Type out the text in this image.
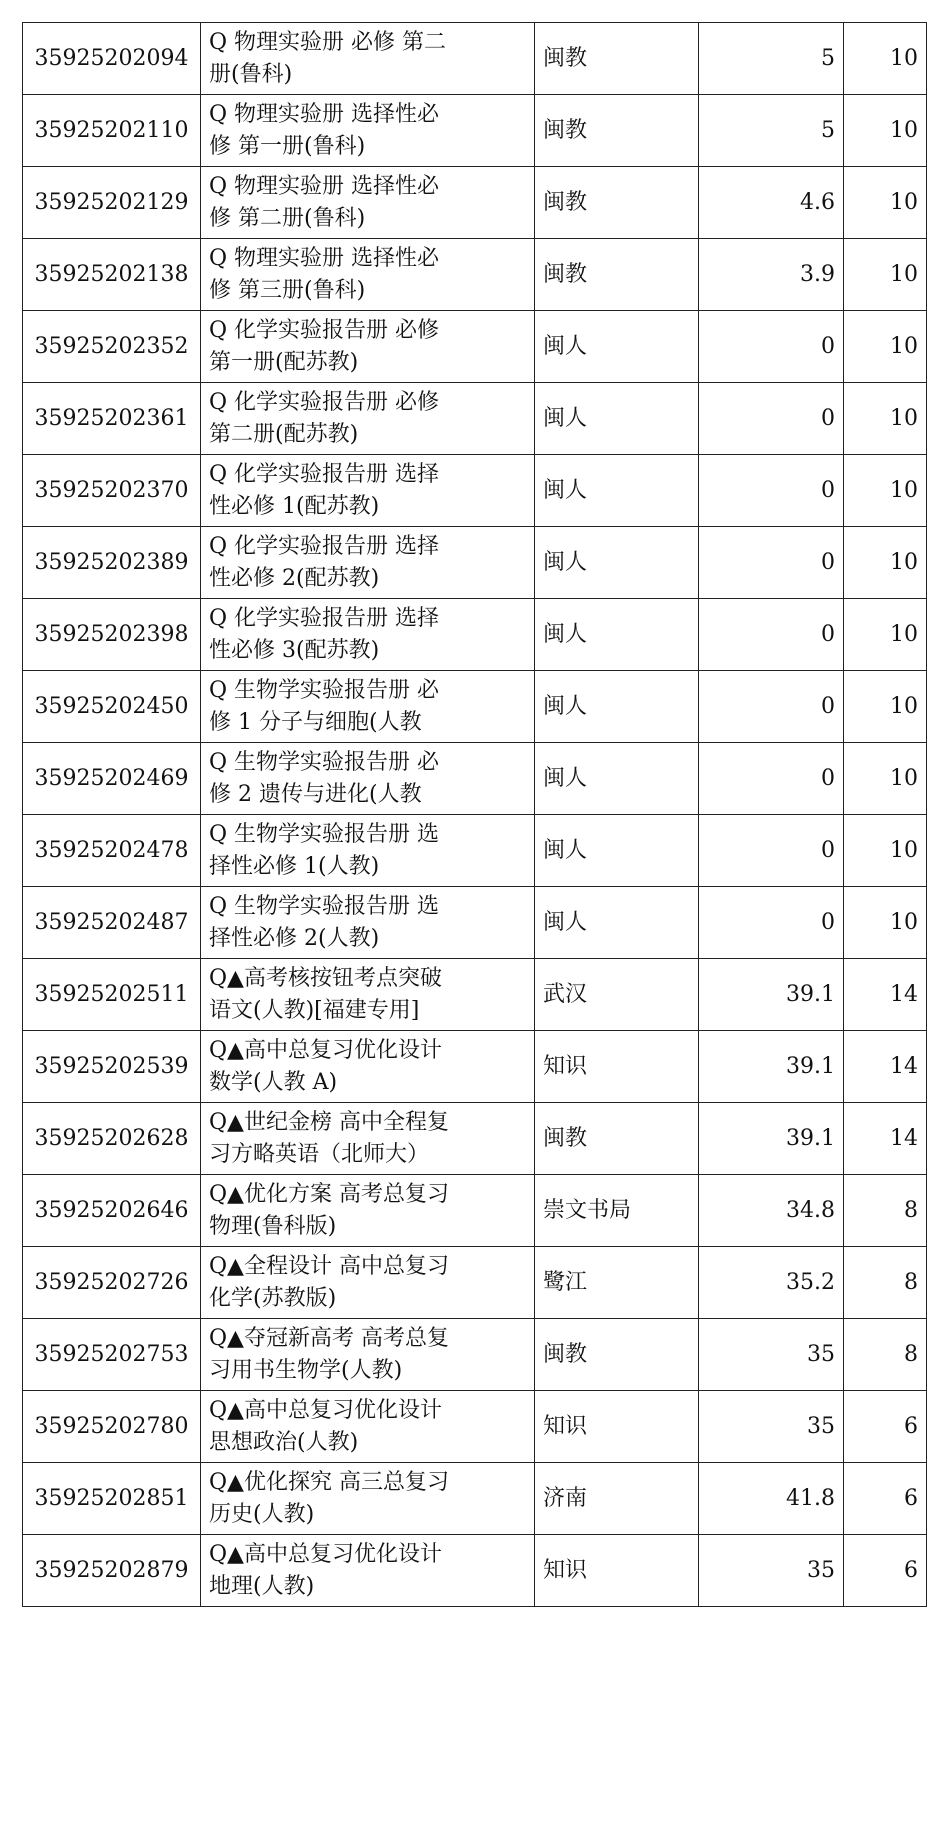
35925202094	Q 物理实验册 必修 第二
册(鲁科)	闽教	5	10
35925202110	Q 物理实验册 选择性必
修 第一册(鲁科)	闽教	5	10
35925202129	Q 物理实验册 选择性必
修 第二册(鲁科)	闽教	4.6	10
35925202138	Q 物理实验册 选择性必
修 第三册(鲁科)	闽教	3.9	10
35925202352	Q 化学实验报告册 必修
第一册(配苏教)	闽人	0	10
35925202361	Q 化学实验报告册 必修
第二册(配苏教)	闽人	0	10
35925202370	Q 化学实验报告册 选择
性必修 1(配苏教)	闽人	0	10
35925202389	Q 化学实验报告册 选择
性必修 2(配苏教)	闽人	0	10
35925202398	Q 化学实验报告册 选择
性必修 3(配苏教)	闽人	0	10
35925202450	Q 生物学实验报告册 必
修 1 分子与细胞(人教	闽人	0	10
35925202469	Q 生物学实验报告册 必
修 2 遗传与进化(人教	闽人	0	10
35925202478	Q 生物学实验报告册 选
择性必修 1(人教)	闽人	0	10
35925202487	Q 生物学实验报告册 选
择性必修 2(人教)	闽人	0	10
35925202511	Q▲高考核按钮考点突破
语文(人教)[福建专用]	武汉	39.1	14
35925202539	Q▲高中总复习优化设计
数学(人教 A)	知识	39.1	14
35925202628	Q▲世纪金榜 高中全程复
习方略英语（北师大）	闽教	39.1	14
35925202646	Q▲优化方案 高考总复习
物理(鲁科版)	崇文书局	34.8	8
35925202726	Q▲全程设计 高中总复习
化学(苏教版)	鹭江	35.2	8
35925202753	Q▲夺冠新高考 高考总复
习用书生物学(人教)	闽教	35	8
35925202780	Q▲高中总复习优化设计
思想政治(人教)	知识	35	6
35925202851	Q▲优化探究 高三总复习
历史(人教)	济南	41.8	6
35925202879	Q▲高中总复习优化设计
地理(人教)	知识	35	6
